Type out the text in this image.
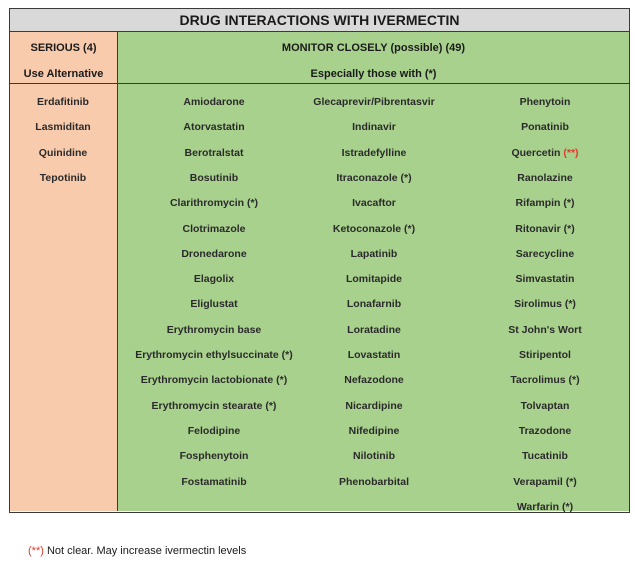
DRUG INTERACTIONS WITH IVERMECTIN
SERIOUS (4)
Use Alternative
Erdafitinib
Lasmiditan
Quinidine
Tepotinib
MONITOR CLOSELY (possible) (49)
Especially those with (*)
Amiodarone
Atorvastatin
Berotralstat
Bosutinib
Clarithromycin (*)
Clotrimazole
Dronedarone
Elagolix
Eliglustat
Erythromycin base
Erythromycin ethylsuccinate (*)
Erythromycin lactobionate (*)
Erythromycin stearate (*)
Felodipine
Fosphenytoin
Fostamatinib
Glecaprevir/Pibrentasvir
Indinavir
Istradefylline
Itraconazole (*)
Ivacaftor
Ketoconazole (*)
Lapatinib
Lomitapide
Lonafarnib
Loratadine
Lovastatin
Nefazodone
Nicardipine
Nifedipine
Nilotinib
Phenobarbital
Phenytoin
Ponatinib
Quercetin (**)
Ranolazine
Rifampin (*)
Ritonavir (*)
Sarecycline
Simvastatin
Sirolimus (*)
St John's Wort
Stiripentol
Tacrolimus (*)
Tolvaptan
Trazodone
Tucatinib
Verapamil (*)
Warfarin (*)
(**) Not clear. May increase ivermectin levels
